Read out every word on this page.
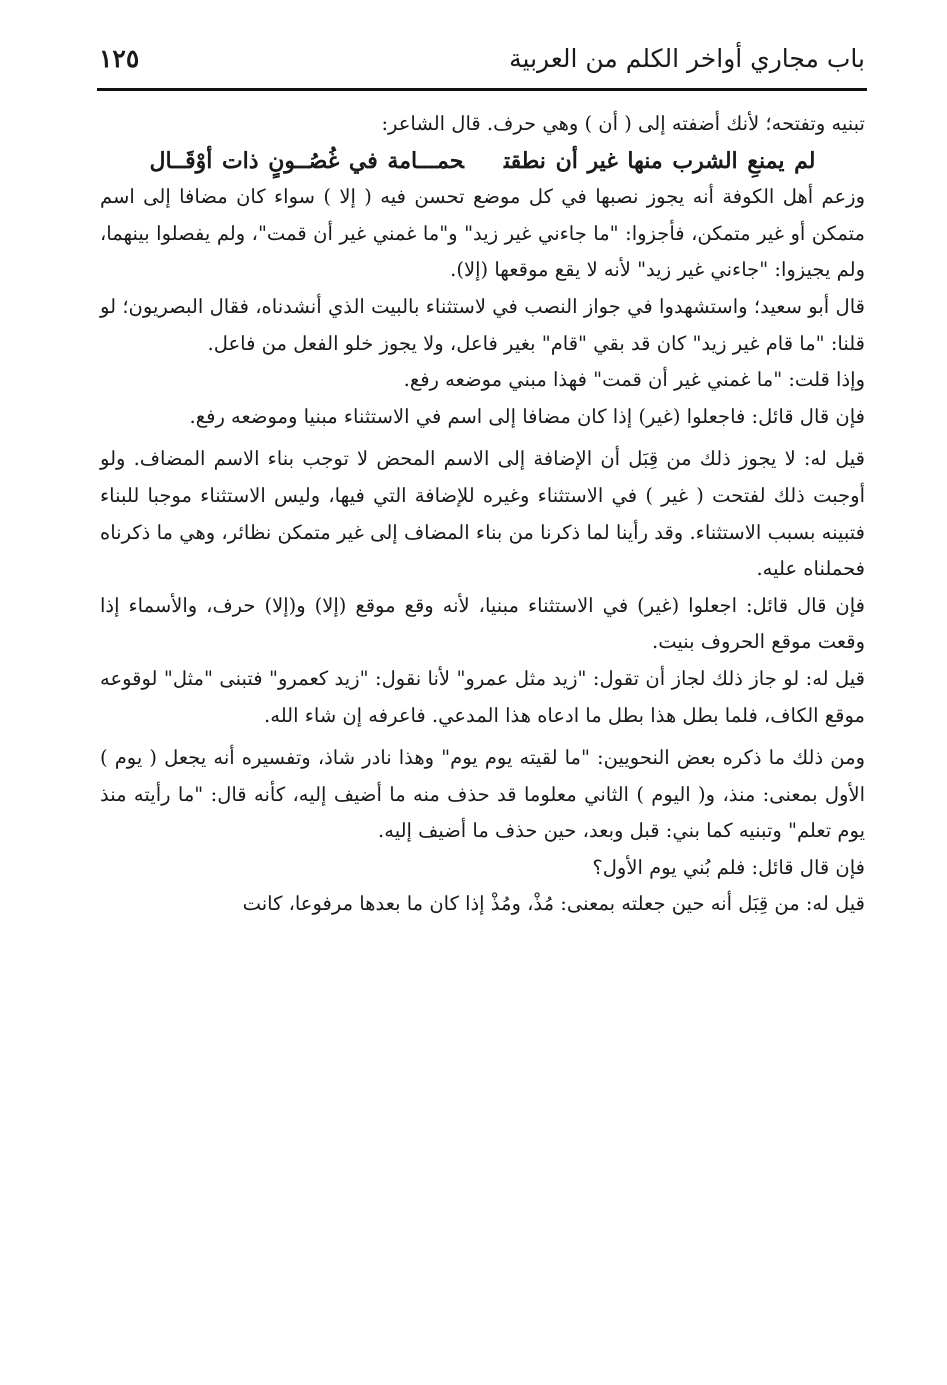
باب مجاري أواخر الكلم من العربية
١٢٥

تبنيه وتفتحه؛ لأنك أضفته إلى ( أن ) وهي حرف. قال الشاعر:

لم يمنعِ الشرب منها غير أن نطقتحمـــامة في غُصُــونٍ ذات أوْقَــال

وزعم أهل الكوفة أنه يجوز نصبها في كل موضع تحسن فيه ( إلا ) سواء كان مضافا إلى اسم متمكن أو غير متمكن، فأجزوا: "ما جاءني غير زيد" و"ما غمني غير أن قمت"، ولم يفصلوا بينهما، ولم يجيزوا: "جاءني غير زيد" لأنه لا يقع موقعها (إلا).

قال أبو سعيد؛ واستشهدوا في جواز النصب في لاستثناء بالبيت الذي أنشدناه، فقال البصريون؛ لو قلنا: "ما قام غير زيد" كان قد بقي "قام" بغير فاعل، ولا يجوز خلو الفعل من فاعل.

وإذا قلت: "ما غمني غير أن قمت" فهذا مبني موضعه رفع.

فإن قال قائل: فاجعلوا (غير) إذا كان مضافا إلى اسم في الاستثناء مبنيا وموضعه رفع.

قيل له: لا يجوز ذلك من قِبَل أن الإضافة إلى الاسم المحض لا توجب بناء الاسم المضاف. ولو أوجبت ذلك لفتحت ( غير ) في الاستثناء وغيره للإضافة التي فيها، وليس الاستثناء موجبا للبناء فتبينه بسبب الاستثناء. وقد رأينا لما ذكرنا من بناء المضاف إلى غير متمكن نظائر، وهي ما ذكرناه فحملناه عليه.

فإن قال قائل: اجعلوا (غير) في الاستثناء مبنيا، لأنه وقع موقع (إلا) و(إلا) حرف، والأسماء إذا وقعت موقع الحروف بنيت.

قيل له: لو جاز ذلك لجاز أن تقول: "زيد مثل عمرو" لأنا نقول: "زيد كعمرو" فتبنى "مثل" لوقوعه موقع الكاف، فلما بطل هذا بطل ما ادعاه هذا المدعي. فاعرفه إن شاء الله.

ومن ذلك ما ذكره بعض النحويين: "ما لقيته يوم يوم" وهذا نادر شاذ، وتفسيره أنه يجعل ( يوم ) الأول بمعنى: منذ، و( اليوم ) الثاني معلوما قد حذف منه ما أضيف إليه، كأنه قال: "ما رأيته منذ يوم تعلم" وتبنيه كما بني: قبل وبعد، حين حذف ما أضيف إليه.

فإن قال قائل: فلم بُني يوم الأول؟

قيل له: من قِبَل أنه حين جعلته بمعنى: مُذْ، ومُذْ إذا كان ما بعدها مرفوعا، كانت
